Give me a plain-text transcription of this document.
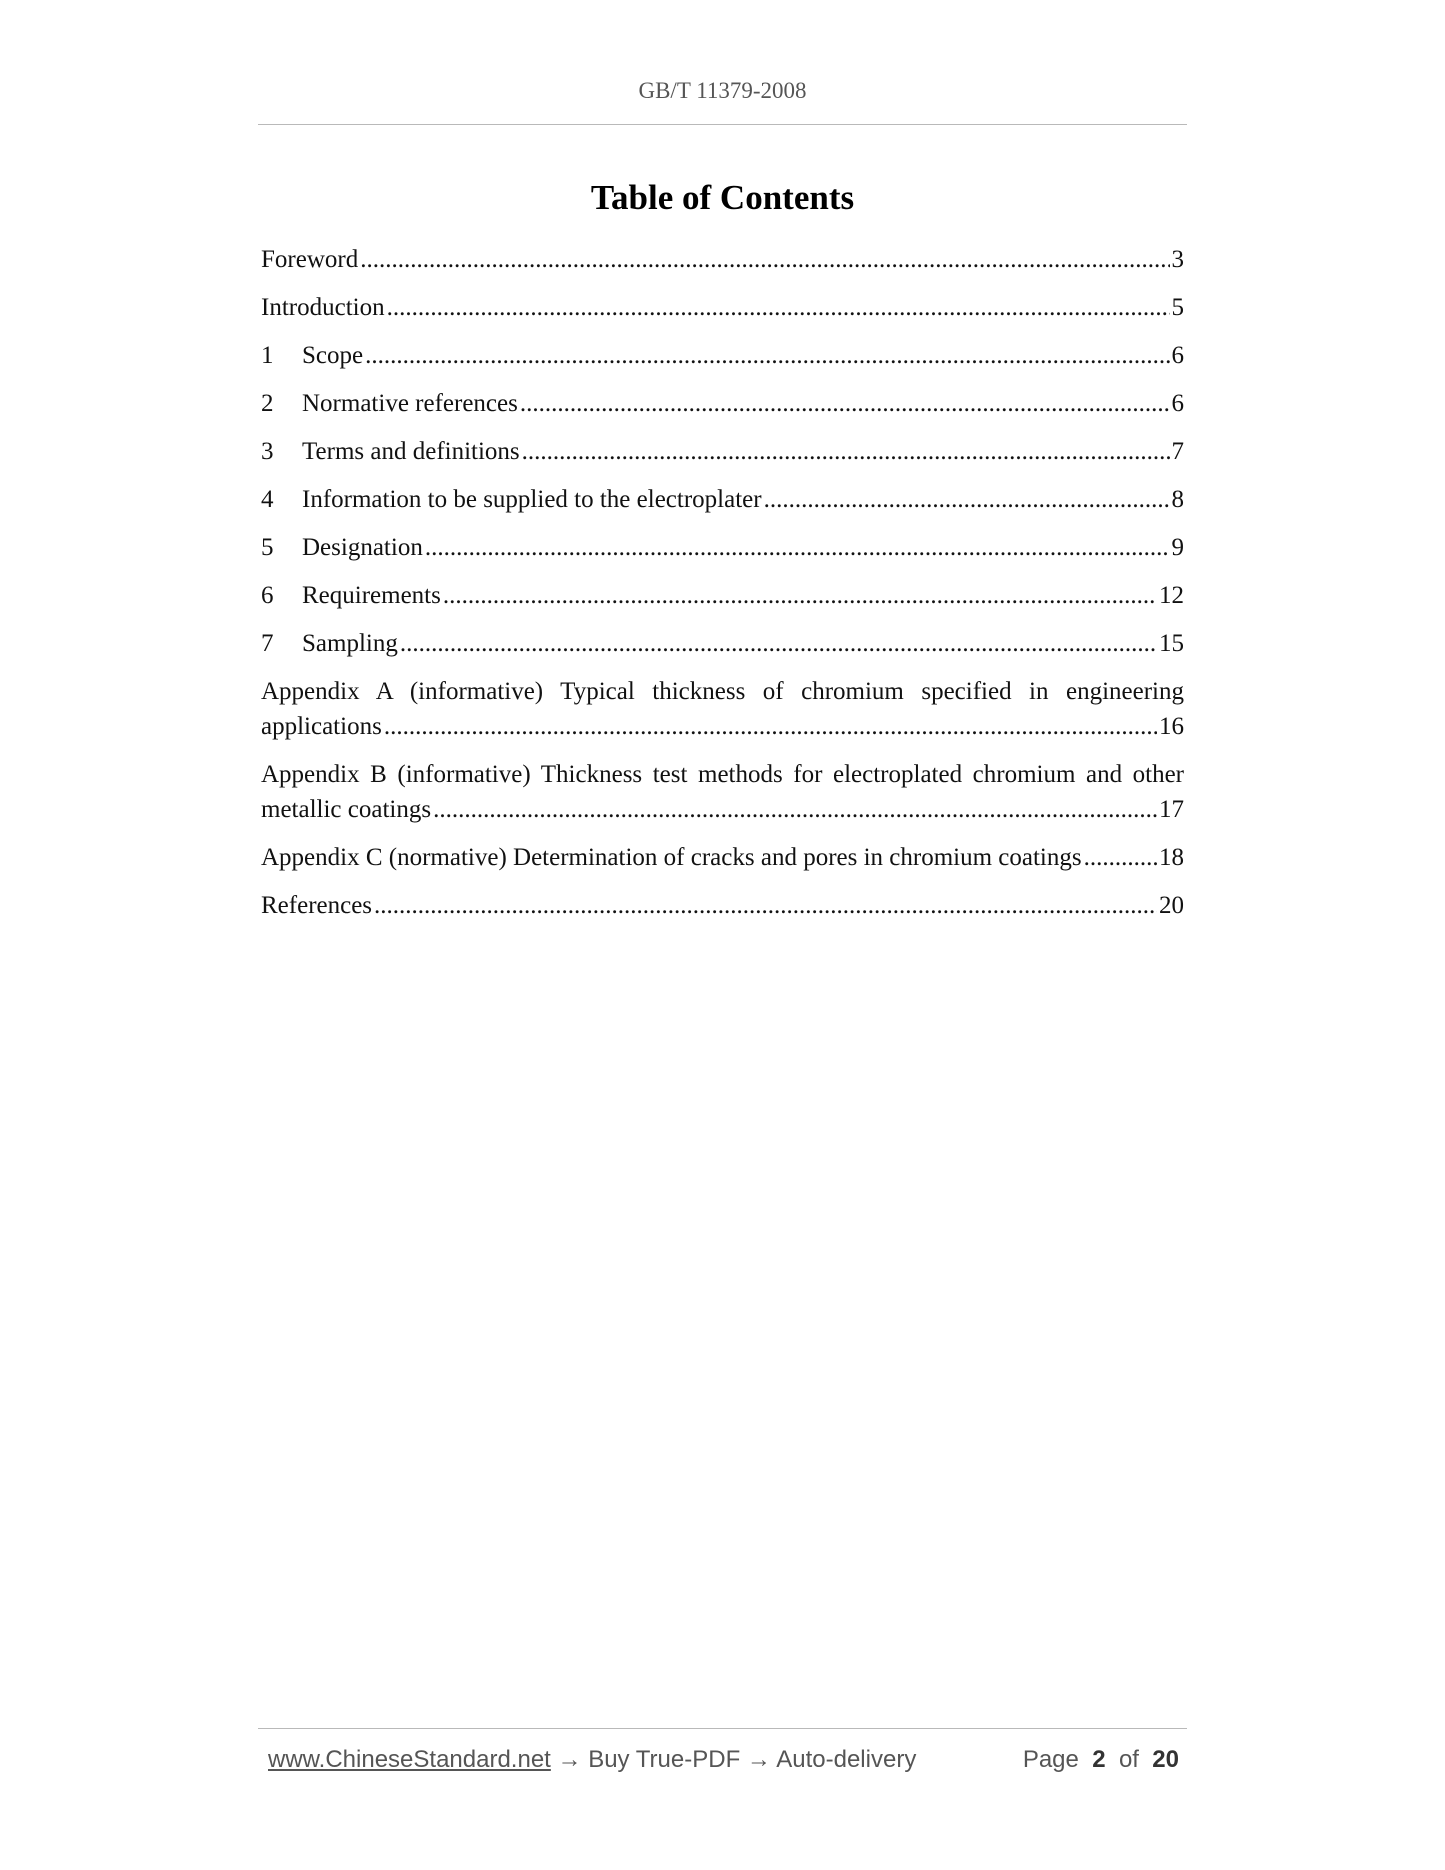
GB/T 11379-2008
Table of Contents
Foreword .....	3
Introduction .....	5
1	Scope .....	6
2	Normative references .....	6
3	Terms and definitions .....	7
4	Information to be supplied to the electroplater .....	8
5	Designation .....	9
6	Requirements .....	12
7	Sampling .....	15
Appendix A (informative) Typical thickness of chromium specified in engineering
applications .....	16
Appendix B (informative) Thickness test methods for electroplated chromium and other
metallic coatings .....	17
Appendix C (normative) Determination of cracks and pores in chromium coatings .....	18
References .....	20
www.ChineseStandard.net → Buy True-PDF → Auto-delivery	Page 2 of 20
